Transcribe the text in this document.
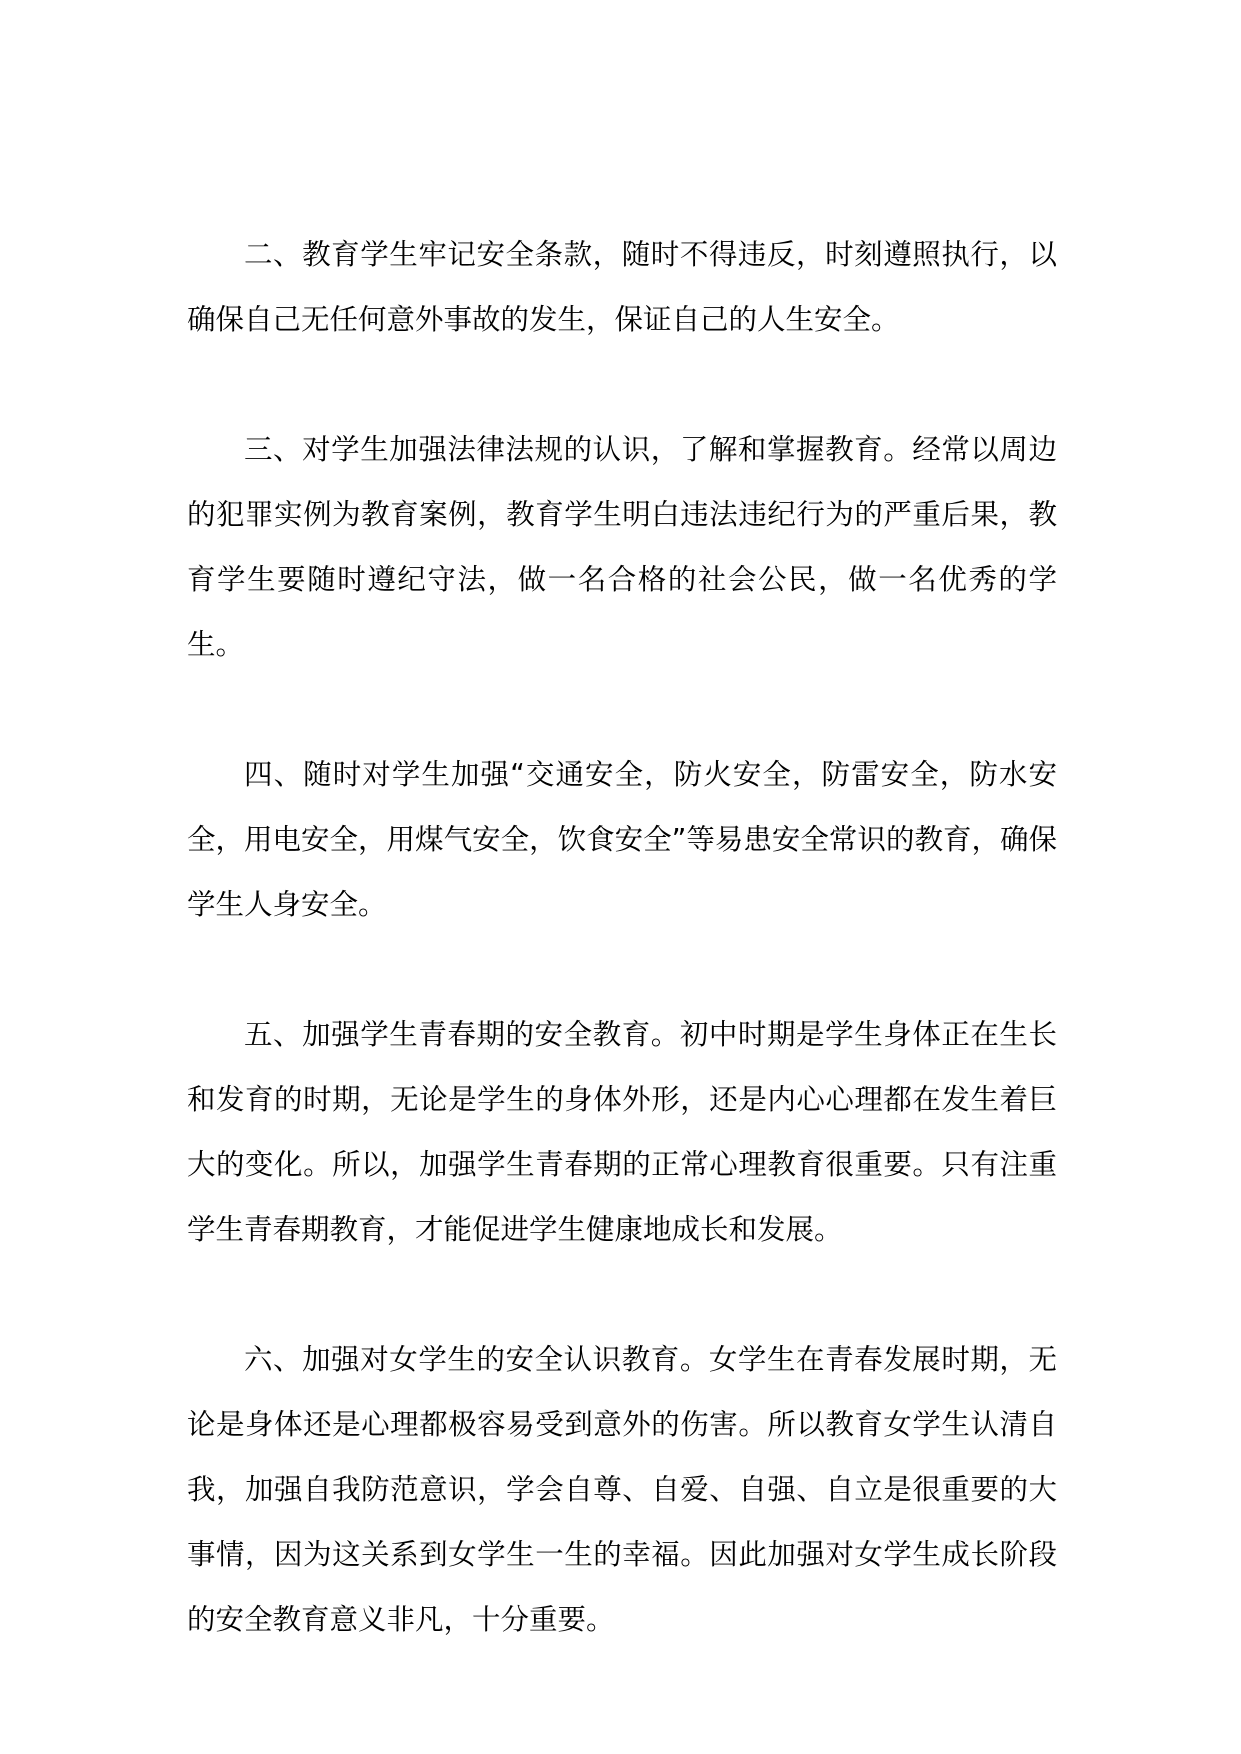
二、教育学生牢记安全条款，随时不得违反，时刻遵照执行，以确保自己无任何意外事故的发生，保证自己的人生安全。

三、对学生加强法律法规的认识，了解和掌握教育。经常以周边的犯罪实例为教育案例，教育学生明白违法违纪行为的严重后果，教育学生要随时遵纪守法，做一名合格的社会公民，做一名优秀的学生。

四、随时对学生加强“交通安全，防火安全，防雷安全，防水安全，用电安全，用煤气安全，饮食安全”等易患安全常识的教育，确保学生人身安全。

五、加强学生青春期的安全教育。初中时期是学生身体正在生长和发育的时期，无论是学生的身体外形，还是内心心理都在发生着巨大的变化。所以，加强学生青春期的正常心理教育很重要。只有注重学生青春期教育，才能促进学生健康地成长和发展。

六、加强对女学生的安全认识教育。女学生在青春发展时期，无论是身体还是心理都极容易受到意外的伤害。所以教育女学生认清自我，加强自我防范意识，学会自尊、自爱、自强、自立是很重要的大事情，因为这关系到女学生一生的幸福。因此加强对女学生成长阶段的安全教育意义非凡，十分重要。
